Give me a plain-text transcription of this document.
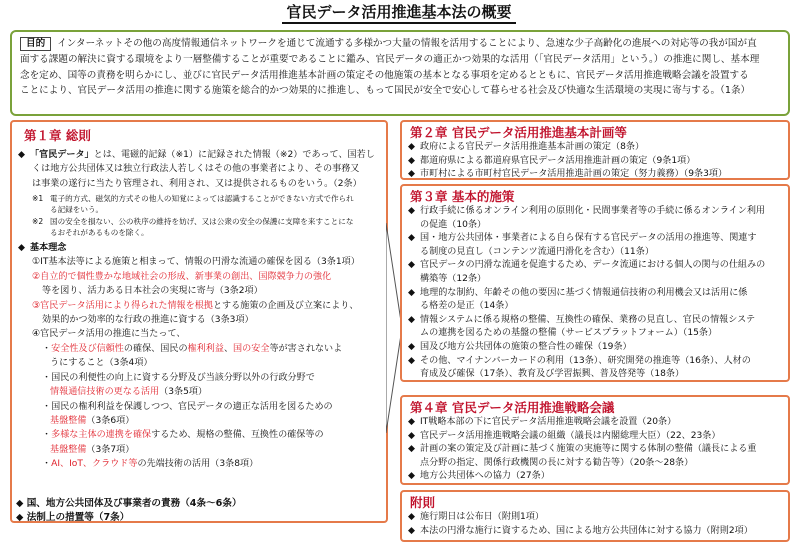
官民データ活用推進基本法の概要
目的 インターネットその他の高度情報通信ネットワークを通じて流通する多様かつ大量の情報を活用することにより、急速な少子高齢化の進展への対応等の我が国が直
面する課題の解決に資する環境をより一層整備することが重要であることに鑑み、官民データの適正かつ効果的な活用（「官民データ活用」という。）の推進に関し、基本理
念を定め、国等の責務を明らかにし、並びに官民データ活用推進基本計画の策定その他施策の基本となる事項を定めるとともに、官民データ活用推進戦略会議を設置する
ことにより、官民データ活用の推進に関する施策を総合的かつ効果的に推進し、もって国民が安全で安心して暮らせる社会及び快適な生活環境の実現に寄与する。（1条）
第１章 総則
◆ 「官民データ」とは、電磁的記録（※1）に記録された情報（※2）であって、国若し
くは地方公共団体又は独立行政法人若しくはその他の事業者により、その事務又
は事業の遂行に当たり管理され、利用され、又は提供されるものをいう。（2条）
※1 電子的方式、磁気的方式その他人の知覚によっては認識することができない方式で作られ
る記録をいう。
※2 国の安全を損ない、公の秩序の維持を妨げ、又は公衆の安全の保護に支障を来すことにな
るおそれがあるものを除く。
◆ 基本理念
①IT基本法等による施策と相まって、情報の円滑な流通の確保を図る（3条1項）
②自立的で個性豊かな地域社会の形成、新事業の創出、国際競争力の強化
等を図り、活力ある日本社会の実現に寄与（3条2項）
③官民データ活用により得られた情報を根拠とする施策の企画及び立案により、
効果的かつ効率的な行政の推進に資する（3条3項）
④官民データ活用の推進に当たって、
・安全性及び信頼性の確保、国民の権利利益、国の安全等が害されないよ
うにすること（3条4項）
・国民の利便性の向上に資する分野及び当該分野以外の行政分野で
情報通信技術の更なる活用（3条5項）
・国民の権利利益を保護しつつ、官民データの適正な活用を図るための
基盤整備（3条6項）
・多様な主体の連携を確保するため、規格の整備、互換性の確保等の
基盤整備（3条7項）
・AI、IoT、クラウド等の先端技術の活用（3条8項）
◆ 国、地方公共団体及び事業者の責務（4条～6条）
◆ 法制上の措置等（7条）
第２章 官民データ活用推進基本計画等
◆ 政府による官民データ活用推進基本計画の策定（8条）
◆ 都道府県による都道府県官民データ活用推進計画の策定（9条1項）
◆ 市町村による市町村官民データ活用推進計画の策定（努力義務）（9条3項）
第３章 基本的施策
◆ 行政手続に係るオンライン利用の原則化・民間事業者等の手続に係るオンライン利用
の促進（10条）
◆ 国・地方公共団体・事業者による自ら保有する官民データの活用の推進等、関連す
る制度の見直し（コンテンツ流通円滑化を含む）（11条）
◆ 官民データの円滑な流通を促進するため、データ流通における個人の関与の仕組みの
構築等（12条）
◆ 地理的な制約、年齢その他の要因に基づく情報通信技術の利用機会又は活用に係
る格差の是正（14条）
◆ 情報システムに係る規格の整備、互換性の確保、業務の見直し、官民の情報システ
ムの連携を図るための基盤の整備（サービスプラットフォーム）（15条）
◆ 国及び地方公共団体の施策の整合性の確保（19条）
◆ その他、マイナンバーカードの利用（13条）、研究開発の推進等（16条）、人材の
育成及び確保（17条）、教育及び学習振興、普及啓発等（18条）
第４章 官民データ活用推進戦略会議
◆ IT戦略本部の下に官民データ活用推進戦略会議を設置（20条）
◆ 官民データ活用推進戦略会議の組織（議長は内閣総理大臣）（22、23条）
◆ 計画の案の策定及び計画に基づく施策の実施等に関する体制の整備（議長による重
点分野の指定、関係行政機関の長に対する勧告等）（20条～28条）
◆ 地方公共団体への協力（27条）
附則
◆ 施行期日は公布日（附則1項）
◆ 本法の円滑な施行に資するため、国による地方公共団体に対する協力（附則2項）
